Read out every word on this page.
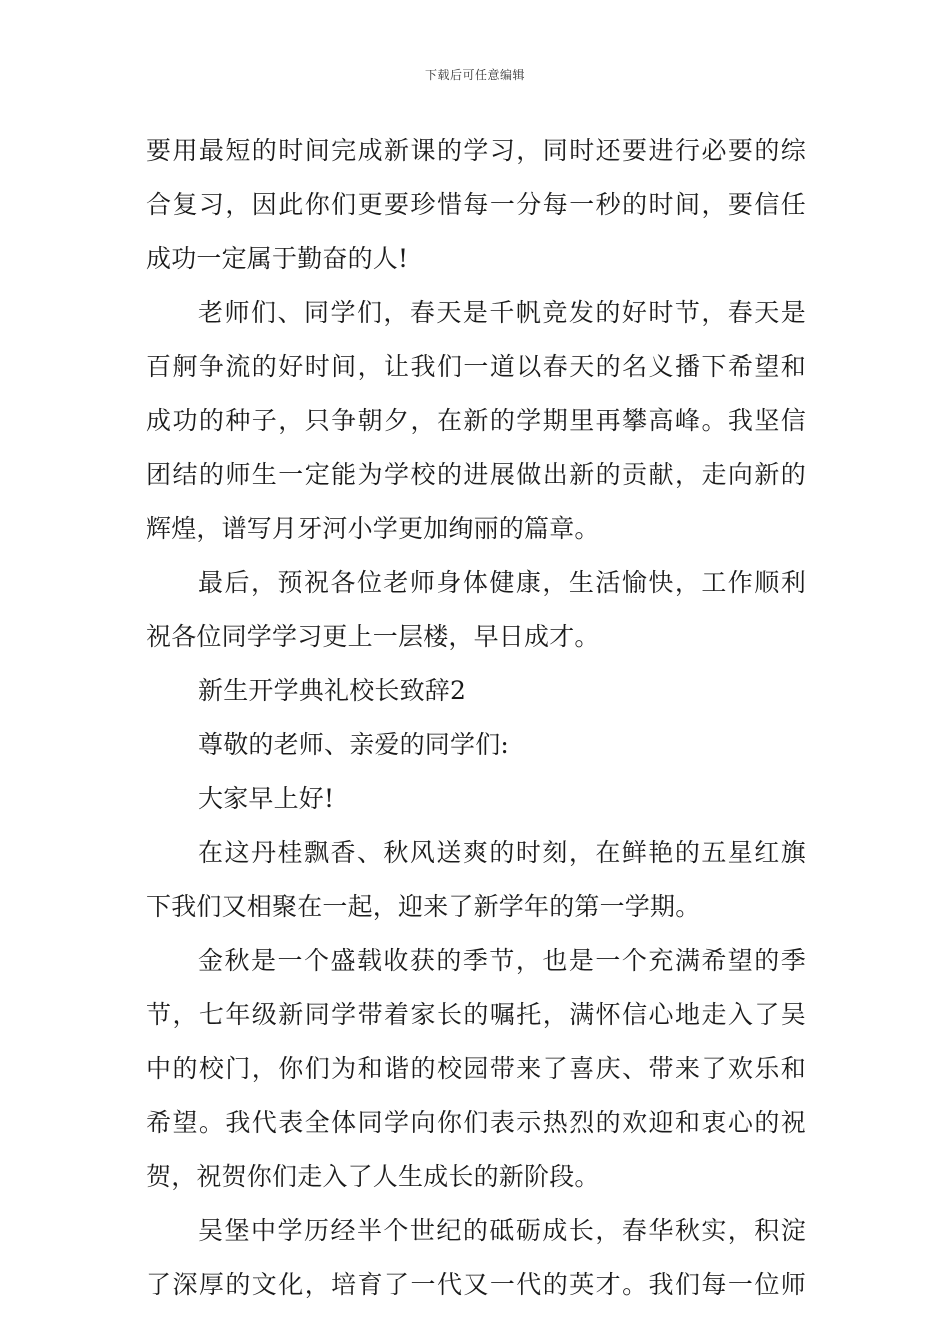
下载后可任意编辑
要用最短的时间完成新课的学习，同时还要进行必要的综
合复习，因此你们更要珍惜每一分每一秒的时间，要信任
成功一定属于勤奋的人!
老师们、同学们，春天是千帆竞发的好时节，春天是
百舸争流的好时间，让我们一道以春天的名义播下希望和
成功的种子，只争朝夕，在新的学期里再攀高峰。我坚信
团结的师生一定能为学校的进展做出新的贡献，走向新的
辉煌，谱写月牙河小学更加绚丽的篇章。
最后，预祝各位老师身体健康，生活愉快，工作顺利
祝各位同学学习更上一层楼，早日成才。
新生开学典礼校长致辞2
尊敬的老师、亲爱的同学们:
大家早上好!
在这丹桂飘香、秋风送爽的时刻，在鲜艳的五星红旗
下我们又相聚在一起，迎来了新学年的第一学期。
金秋是一个盛载收获的季节，也是一个充满希望的季
节，七年级新同学带着家长的嘱托，满怀信心地走入了吴
中的校门，你们为和谐的校园带来了喜庆、带来了欢乐和
希望。我代表全体同学向你们表示热烈的欢迎和衷心的祝
贺，祝贺你们走入了人生成长的新阶段。
吴堡中学历经半个世纪的砥砺成长，春华秋实，积淀
了深厚的文化，培育了一代又一代的英才。我们每一位师
